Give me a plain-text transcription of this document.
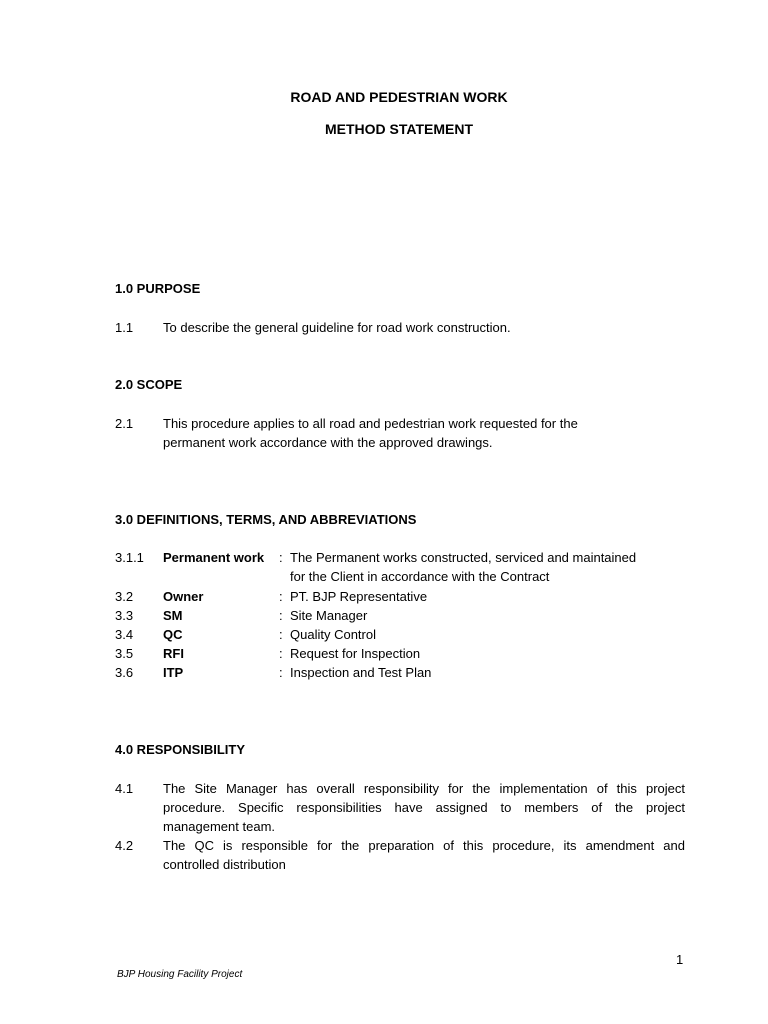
ROAD AND PEDESTRIAN WORK
METHOD STATEMENT
1.0 PURPOSE
1.1 To describe the general guideline for road work construction.
2.0 SCOPE
2.1 This procedure applies to all road and pedestrian work requested for the
permanent work accordance with the approved drawings.
3.0 DEFINITIONS, TERMS, AND ABBREVIATIONS
3.1.1 Permanent work : The Permanent works constructed, serviced and maintained
for the Client in accordance with the Contract
3.2 Owner	: PT. BJP Representative
3.3 SM	: Site Manager
3.4 QC	: Quality Control
3.5 RFI	: Request for Inspection
3.6 ITP	: Inspection and Test Plan
4.0 RESPONSIBILITY
4.1 The Site Manager has overall responsibility for the implementation of this project
procedure. Specific responsibilities have assigned to members of the project
management team.
4.2 The QC is responsible for the preparation of this procedure, its amendment and
controlled distribution
1
BJP Housing Facility Project
